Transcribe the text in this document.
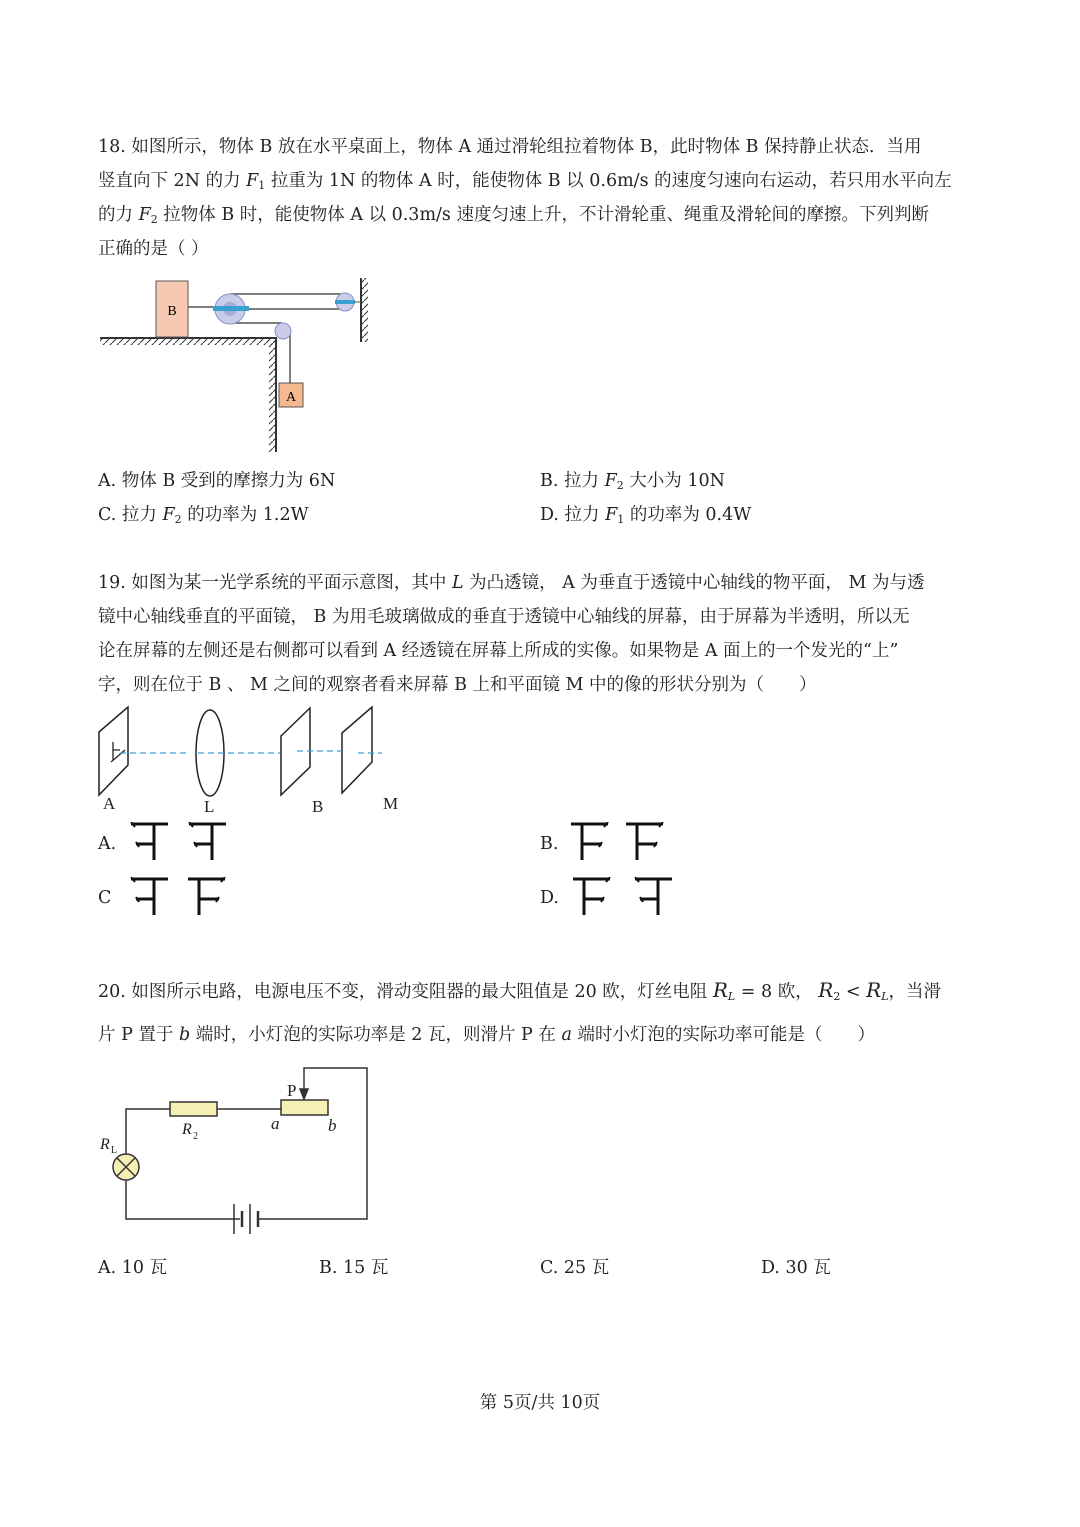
18. 如图所示，物体 B 放在水平桌面上，物体 A 通过滑轮组拉着物体 B，此时物体 B 保持静止状态．当用
竖直向下 2N 的力 $F_1$ 拉重为 1N 的物体 A 时，能使物体 B 以 0.6m/s 的速度匀速向右运动，若只用水平向左
的力 $F_2$ 拉物体 B 时，能使物体 A 以 0.3m/s 速度匀速上升，不计滑轮重、绳重及滑轮间的摩擦。下列判断
正确的是（ ）
B
A
A	L	B	M
P
a	b
R 2
R L
A. 物体 B 受到的摩擦力为 6N	B. 拉力 $F_2$ 大小为 10N
C. 拉力 $F_2$ 的功率为 1.2W	D. 拉力 $F_1$ 的功率为 0.4W
19. 如图为某一光学系统的平面示意图，其中 L 为凸透镜， A 为垂直于透镜中心轴线的物平面， M 为与透
镜中心轴线垂直的平面镜， B 为用毛玻璃做成的垂直于透镜中心轴线的屏幕，由于屏幕为半透明，所以无
论在屏幕的左侧还是右侧都可以看到 A 经透镜在屏幕上所成的实像。如果物是 A 面上的一个发光的“上”
字，则在位于 B 、 M 之间的观察者看来屏幕 B 上和平面镜 M 中的像的形状分别为（　　）
A.	B.
C	D.
20. 如图所示电路，电源电压不变，滑动变阻器的最大阻值是 20 欧，灯丝电阻 $R_L = 8$ 欧， $R_2 < R_L$，当滑
片 P 置于 b 端时，小灯泡的实际功率是 2 瓦，则滑片 P 在 a 端时小灯泡的实际功率可能是（　　）
A. 10 瓦	B. 15 瓦	C. 25 瓦	D. 30 瓦
第 5页/共 10页
